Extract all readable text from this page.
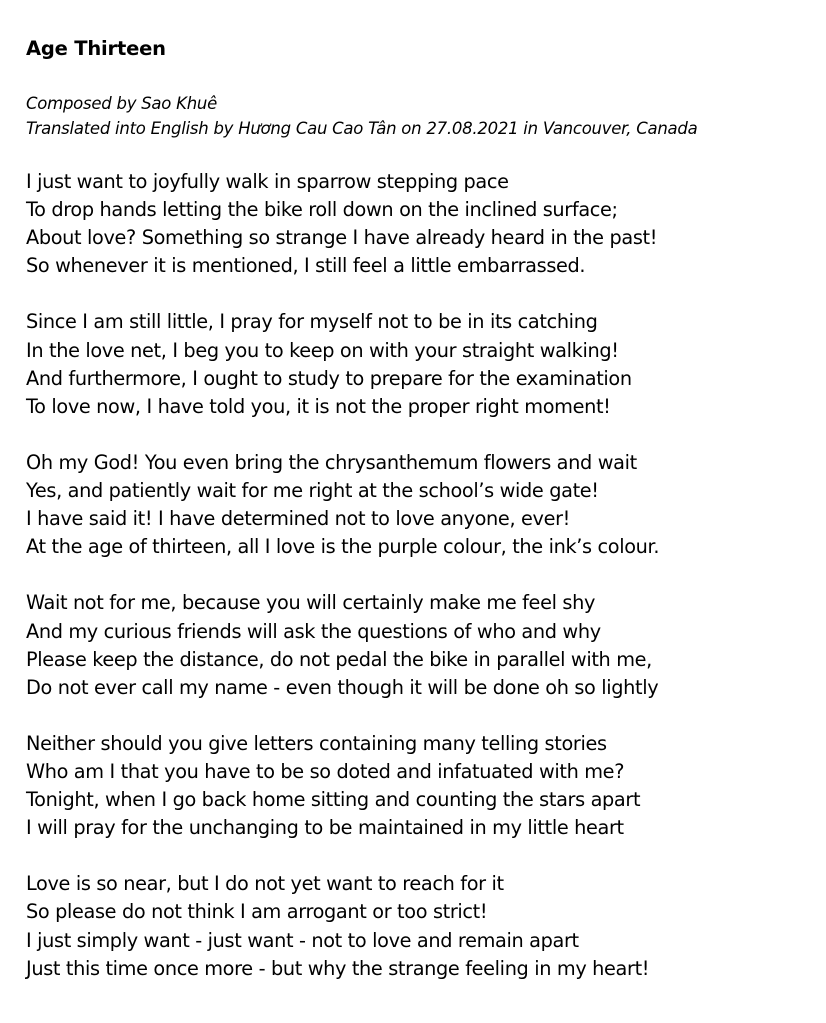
Age Thirteen
Composed by Sao Khuê
Translated into English by Hương Cau Cao Tân on 27.08.2021 in Vancouver, Canada
I just want to joyfully walk in sparrow stepping pace
To drop hands letting the bike roll down on the inclined surface;
About love? Something so strange I have already heard in the past!
So whenever it is mentioned, I still feel a little embarrassed.
Since I am still little, I pray for myself not to be in its catching
In the love net, I beg you to keep on with your straight walking!
And furthermore, I ought to study to prepare for the examination
To love now, I have told you, it is not the proper right moment!
Oh my God! You even bring the chrysanthemum flowers and wait
Yes, and patiently wait for me right at the school’s wide gate!
I have said it! I have determined not to love anyone, ever!
At the age of thirteen, all I love is the purple colour, the ink’s colour.
Wait not for me, because you will certainly make me feel shy
And my curious friends will ask the questions of who and why
Please keep the distance, do not pedal the bike in parallel with me,
Do not ever call my name - even though it will be done oh so lightly
Neither should you give letters containing many telling stories
Who am I that you have to be so doted and infatuated with me?
Tonight, when I go back home sitting and counting the stars apart
I will pray for the unchanging to be maintained in my little heart
Love is so near, but I do not yet want to reach for it
So please do not think I am arrogant or too strict!
I just simply want - just want - not to love and remain apart
Just this time once more - but why the strange feeling in my heart!
